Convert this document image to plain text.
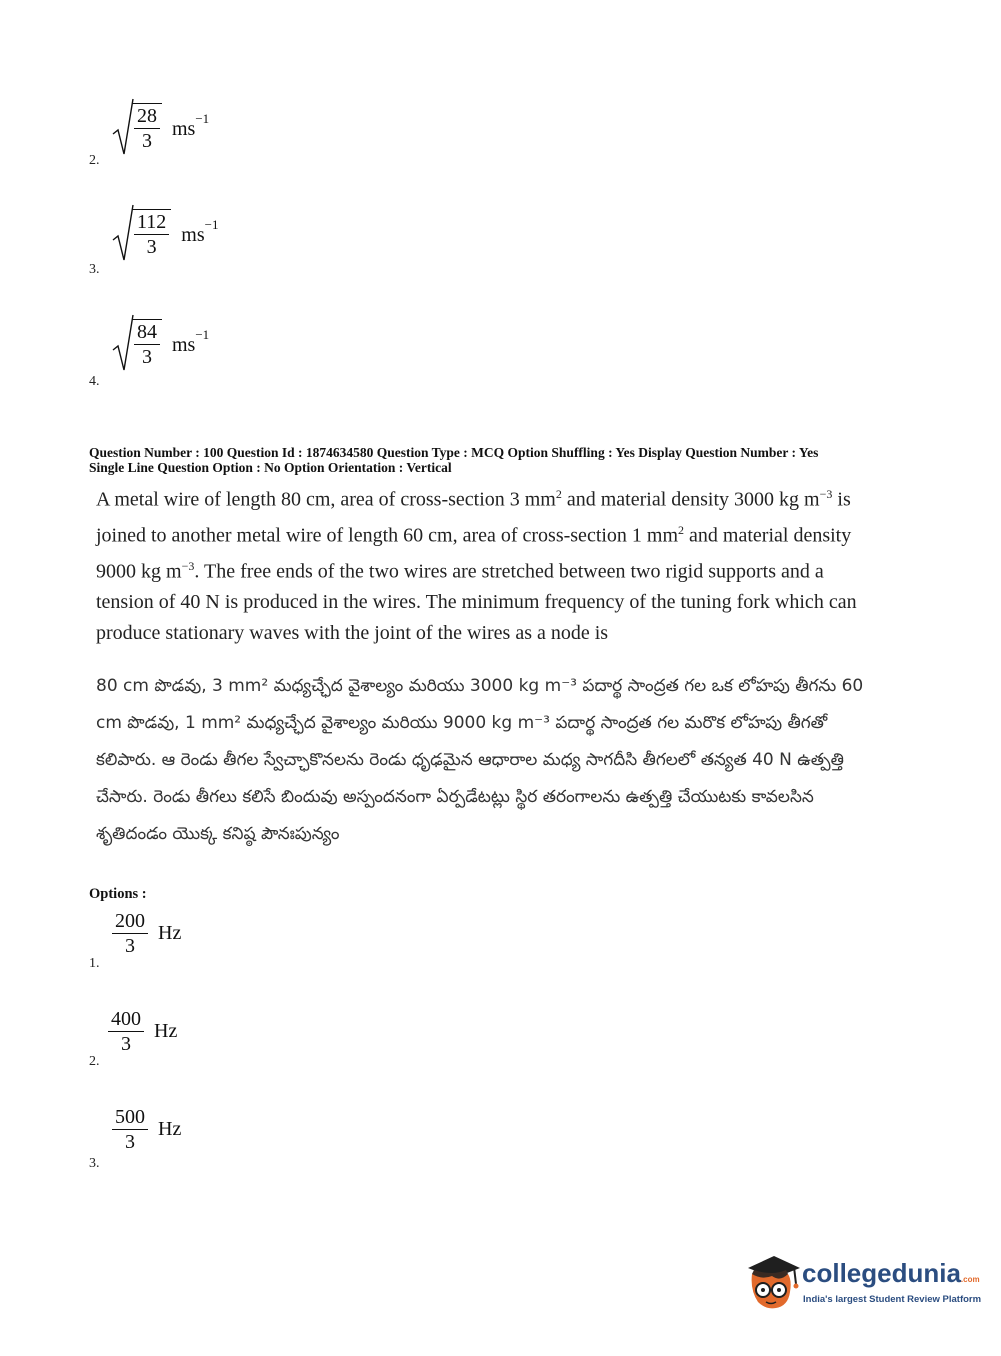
$\frac{28}{3} ms^{-1}$
2.
$\frac{112}{3} ms^{-1}$
3.
$\frac{84}{3} ms^{-1}$
4.
Question Number : 100 Question Id : 1874634580 Question Type : MCQ Option Shuffling : Yes Display Question Number : Yes
Single Line Question Option : No Option Orientation : Vertical
A metal wire of length 80 cm, area of cross-section 3 $mm^2$ and material density 3000 kg $m^{-3}$ is joined to another metal wire of length 60 cm, area of cross-section 1 $mm^2$ and material density 9000 kg $m^{-3}$. The free ends of the two wires are stretched between two rigid supports and a tension of 40 N is produced in the wires. The minimum frequency of the tuning fork which can produce stationary waves with the joint of the wires as a node is
80 cm పొడవు, 3 mm² మధ్యచ్ఛేద వైశాల్యం మరియు 3000 kg m⁻³ పదార్థ సాంద్రత గల ఒక లోహపు తీగను 60 cm పొడవు, 1 mm² మధ్యచ్ఛేద వైశాల్యం మరియు 9000 kg m⁻³ పదార్థ సాంద్రత గల మరొక లోహపు తీగతో కలిపారు. ఆ రెండు తీగల స్వేచ్ఛాకొనలను రెండు ధృఢమైన ఆధారాల మధ్య సాగదీసి తీగలలో తన్యత 40 N ఉత్పత్తి చేసారు. రెండు తీగలు కలిసే బిందువు అస్పందనంగా ఏర్పడేటట్లు స్థిర తరంగాలను ఉత్పత్తి చేయుటకు కావలసిన శృతిదండం యొక్క కనిష్ఠ పౌనఃపున్యం
Options :
$\frac{200}{3}$ Hz
1.
$\frac{400}{3}$ Hz
2.
$\frac{500}{3}$ Hz
3.
collegedunia.com
India's largest Student Review Platform
